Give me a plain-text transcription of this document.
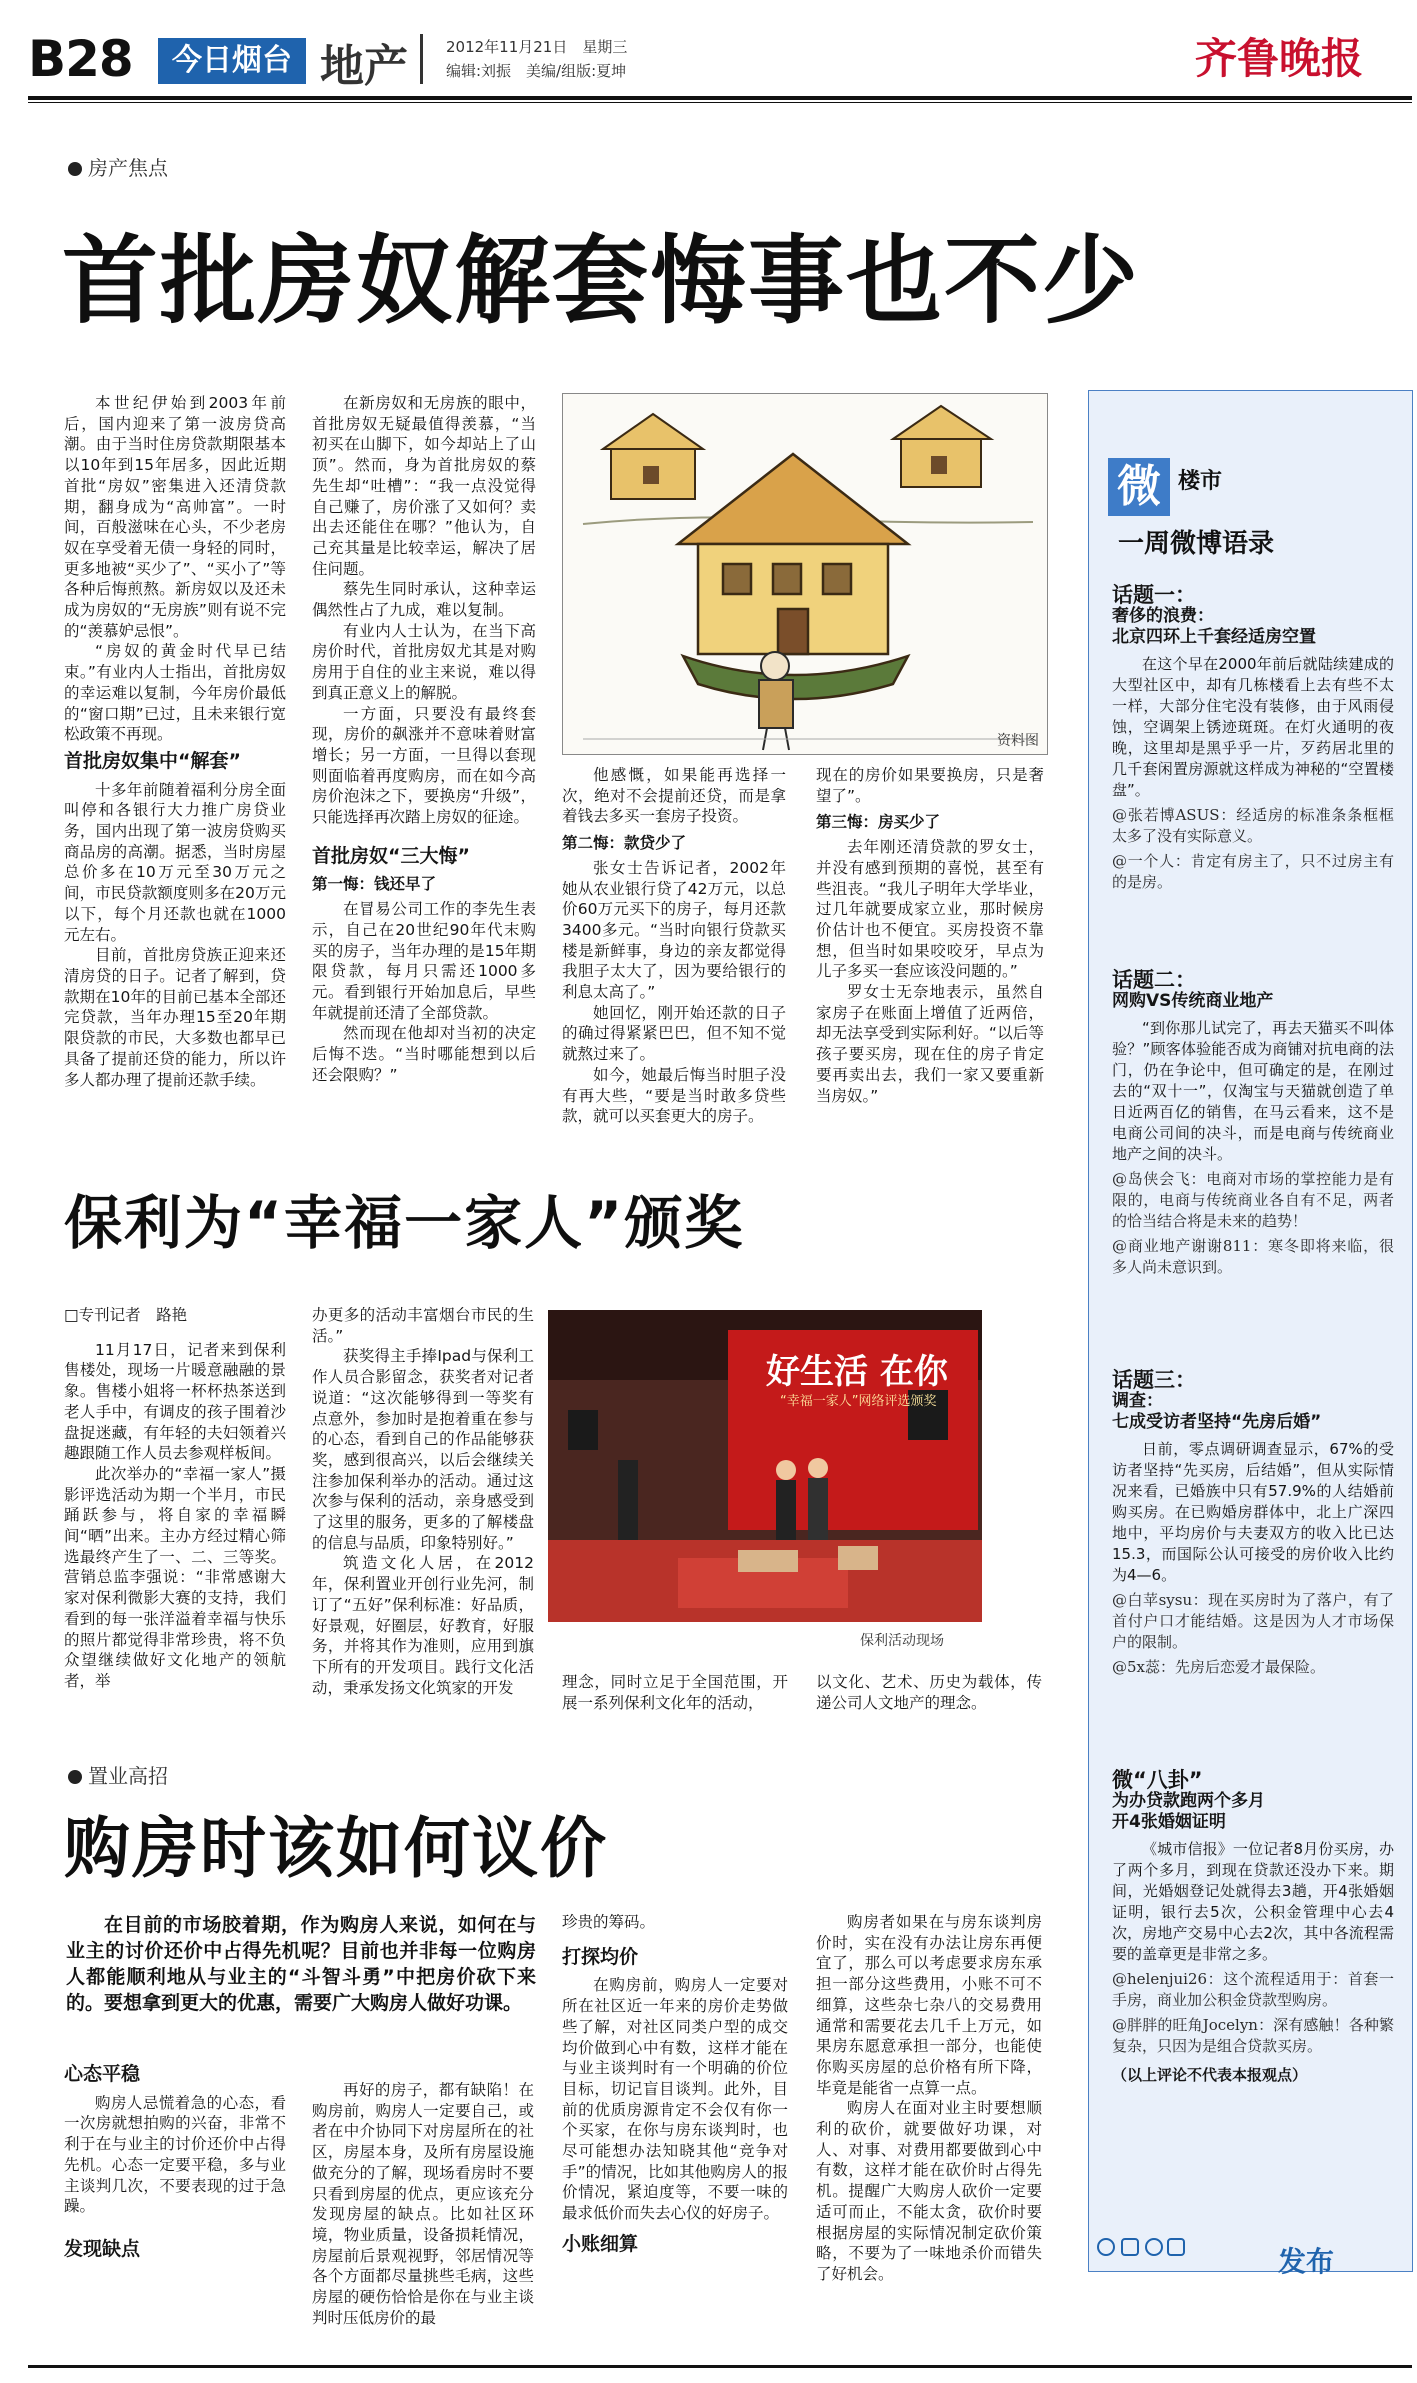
B28	今日烟台 地产	2012年11月21日　星期三
编辑:刘振　美编/组版:夏坤	齐鲁晚报
房产焦点
首批房奴解套悔事也不少

本世纪伊始到2003年前后，国内迎来了第一波房贷高潮。由于当时住房贷款期限基本以10年到15年居多，因此近期首批“房奴”密集进入还清贷款期，翻身成为“高帅富”。一时间，百般滋味在心头，不少老房奴在享受着无债一身轻的同时，更多地被“买少了”、“买小了”等各种后悔煎熬。新房奴以及还未成为房奴的“无房族”则有说不完的“羡慕妒忌恨”。

“房奴的黄金时代早已结束。”有业内人士指出，首批房奴的幸运难以复制，今年房价最低的“窗口期”已过，且未来银行宽松政策不再现。

首批房奴集中“解套”

十多年前随着福利分房全面叫停和各银行大力推广房贷业务，国内出现了第一波房贷购买商品房的高潮。据悉，当时房屋总价多在10万元至30万元之间，市民贷款额度则多在20万元以下，每个月还款也就在1000元左右。

目前，首批房贷族正迎来还清房贷的日子。记者了解到，贷款期在10年的目前已基本全部还完贷款，当年办理15至20年期限贷款的市民，大多数也都早已具备了提前还贷的能力，所以许多人都办理了提前还款手续。

在新房奴和无房族的眼中，首批房奴无疑最值得羡慕，“当初买在山脚下，如今却站上了山顶”。然而，身为首批房奴的蔡先生却“吐槽”：“我一点没觉得自己赚了，房价涨了又如何？卖出去还能住在哪？”他认为，自己充其量是比较幸运，解决了居住问题。

蔡先生同时承认，这种幸运偶然性占了九成，难以复制。

有业内人士认为，在当下高房价时代，首批房奴尤其是对购房用于自住的业主来说，难以得到真正意义上的解脱。

一方面，只要没有最终套现，房价的飙涨并不意味着财富增长；另一方面，一旦得以套现则面临着再度购房，而在如今高房价泡沫之下，要换房“升级”，只能选择再次踏上房奴的征途。

首批房奴“三大悔”
第一悔：钱还早了

在冒易公司工作的李先生表示，自己在20世纪90年代末购买的房子，当年办理的是15年期限贷款，每月只需还1000多元。看到银行开始加息后，早些年就提前还清了全部贷款。

然而现在他却对当初的决定后悔不迭。“当时哪能想到以后还会限购？”

资料图

他感慨，如果能再选择一次，绝对不会提前还贷，而是拿着钱去多买一套房子投资。

第二悔：款贷少了

张女士告诉记者，2002年她从农业银行贷了42万元，以总价60万元买下的房子，每月还款3400多元。“当时向银行贷款买楼是新鲜事，身边的亲友都觉得我胆子太大了，因为要给银行的利息太高了。”

她回忆，刚开始还款的日子的确过得紧紧巴巴，但不知不觉就熬过来了。

如今，她最后悔当时胆子没有再大些，“要是当时敢多贷些款，就可以买套更大的房子。

现在的房价如果要换房，只是奢望了”。

第三悔：房买少了

去年刚还清贷款的罗女士，并没有感到预期的喜悦，甚至有些沮丧。“我儿子明年大学毕业，过几年就要成家立业，那时候房价估计也不便宜。买房投资不靠想，但当时如果咬咬牙，早点为儿子多买一套应该没问题的。”

罗女士无奈地表示，虽然自家房子在账面上增值了近两倍，却无法享受到实际利好。“以后等孩子要买房，现在住的房子肯定要再卖出去，我们一家又要重新当房奴。”

保利为“幸福一家人”颁奖
□专刊记者　路艳

11月17日，记者来到保利售楼处，现场一片暖意融融的景象。售楼小姐将一杯杯热茶送到老人手中，有调皮的孩子围着沙盘捉迷藏，有年轻的夫妇领着兴趣跟随工作人员去参观样板间。

此次举办的“幸福一家人”摄影评选活动为期一个半月，市民踊跃参与，将自家的幸福瞬间“晒”出来。主办方经过精心筛选最终产生了一、二、三等奖。营销总监李强说：“非常感谢大家对保利微影大赛的支持，我们看到的每一张洋溢着幸福与快乐的照片都觉得非常珍贵，将不负众望继续做好文化地产的领航者，举

办更多的活动丰富烟台市民的生活。”

获奖得主手捧Ipad与保利工作人员合影留念，获奖者对记者说道：“这次能够得到一等奖有点意外，参加时是抱着重在参与的心态，看到自己的作品能够获奖，感到很高兴，以后会继续关注参加保利举办的活动。通过这次参与保利的活动，亲身感受到了这里的服务，更多的了解楼盘的信息与品质，印象特别好。”

筑造文化人居，在2012年，保利置业开创行业先河，制订了“五好”保利标准：好品质，好景观，好圈层，好教育，好服务，并将其作为准则，应用到旗下所有的开发项目。践行文化活动，秉承发扬文化筑家的开发

好生活 在你
“幸福一家人”网络评选颁奖
保利活动现场

理念，同时立足于全国范围，开展一系列保利文化年的活动，

以文化、艺术、历史为载体，传递公司人文地产的理念。

置业高招
购房时该如何议价
在目前的市场胶着期，作为购房人来说，如何在与业主的讨价还价中占得先机呢？目前也并非每一位购房人都能顺利地从与业主的“斗智斗勇”中把房价砍下来的。要想拿到更大的优惠，需要广大购房人做好功课。
心态平稳

购房人忌慌着急的心态，看一次房就想拍购的兴奋，非常不利于在与业主的讨价还价中占得先机。心态一定要平稳，多与业主谈判几次，不要表现的过于急躁。

发现缺点

再好的房子，都有缺陷！在购房前，购房人一定要自己，或者在中介协同下对房屋所在的社区，房屋本身，及所有房屋设施做充分的了解，现场看房时不要只看到房屋的优点，更应该充分发现房屋的缺点。比如社区环境，物业质量，设备损耗情况，房屋前后景观视野，邻居情况等各个方面都尽量挑些毛病，这些房屋的硬伤恰恰是你在与业主谈判时压低房价的最

珍贵的筹码。

打探均价

在购房前，购房人一定要对所在社区近一年来的房价走势做些了解，对社区同类户型的成交均价做到心中有数，这样才能在与业主谈判时有一个明确的价位目标，切记盲目谈判。此外，目前的优质房源肯定不会仅有你一个买家，在你与房东谈判时，也尽可能想办法知晓其他“竞争对手”的情况，比如其他购房人的报价情况，紧迫度等，不要一味的最求低价而失去心仪的好房子。

小账细算

购房者如果在与房东谈判房价时，实在没有办法让房东再便宜了，那么可以考虑要求房东承担一部分这些费用，小账不可不细算，这些杂七杂八的交易费用通常和需要花去几千上万元，如果房东愿意承担一部分，也能使你购买房屋的总价格有所下降，毕竟是能省一点算一点。

购房人在面对业主时要想顺利的砍价，就要做好功课，对人、对事、对费用都要做到心中有数，这样才能在砍价时占得先机。提醒广大购房人砍价一定要适可而止，不能太贪，砍价时要根据房屋的实际情况制定砍价策略，不要为了一味地杀价而错失了好机会。

微 楼市
一周微博语录
话题一：
奢侈的浪费：
北京四环上千套经适房空置

在这个早在2000年前后就陆续建成的大型社区中，却有几栋楼看上去有些不太一样，大部分住宅没有装修，由于风雨侵蚀，空调架上锈迹斑斑。在灯火通明的夜晚，这里却是黑乎乎一片，歹药居北里的几千套闲置房源就这样成为神秘的“空置楼盘”。

@张若博ASUS：经适房的标准条条框框太多了没有实际意义。

@一个人：肯定有房主了，只不过房主有的是房。

话题二：
网购VS传统商业地产

“到你那儿试完了，再去天猫买不叫体验？”顾客体验能否成为商铺对抗电商的法门，仍在争论中，但可确定的是，在刚过去的“双十一”，仅淘宝与天猫就创造了单日近两百亿的销售，在马云看来，这不是电商公司间的决斗，而是电商与传统商业地产之间的决斗。

@岛侠会飞：电商对市场的掌控能力是有限的，电商与传统商业各自有不足，两者的恰当结合将是未来的趋势！

@商业地产谢谢811：寒冬即将来临，很多人尚未意识到。

话题三：
调查：
七成受访者坚持“先房后婚”

日前，零点调研调查显示，67%的受访者坚持“先买房，后结婚”，但从实际情况来看，已婚族中只有57.9%的人结婚前购买房。在已购婚房群体中，北上广深四地中，平均房价与夫妻双方的收入比已达15.3，而国际公认可接受的房价收入比约为4—6。

@白苹sysu：现在买房时为了落户，有了首付户口才能结婚。这是因为人才市场保户的限制。

@5x蕊：先房后恋爱才最保险。

微“八卦”
为办贷款跑两个多月
开4张婚姻证明

《城市信报》一位记者8月份买房，办了两个多月，到现在贷款还没办下来。期间，光婚姻登记处就得去3趟，开4张婚姻证明，银行去5次，公积金管理中心去4次，房地产交易中心去2次，其中各流程需要的盖章更是非常之多。

@helenjui26：这个流程适用于：首套一手房，商业加公积金贷款型购房。

@胖胖的旺角Jocelyn：深有感触！各种繁复杂，只因为是组合贷款买房。

（以上评论不代表本报观点）
发布
